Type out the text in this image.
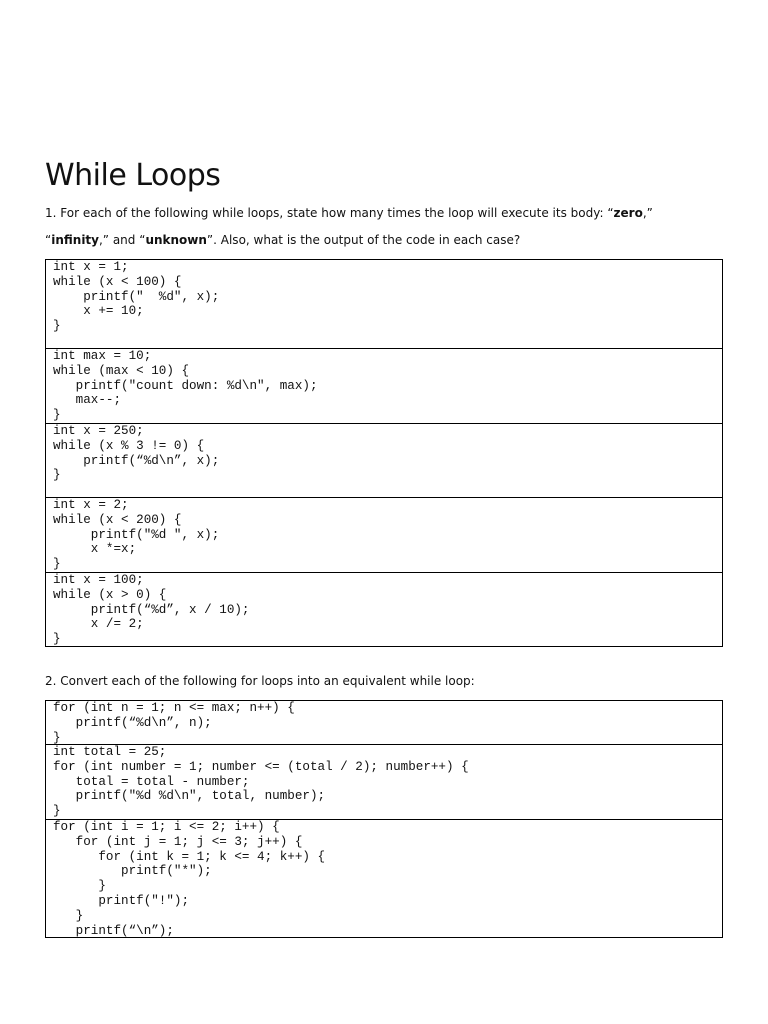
While Loops
1. For each of the following while loops, state how many times the loop will execute its body: “zero,”
“infinity,” and “unknown”. Also, what is the output of the code in each case?
int x = 1;
while (x < 100) {
printf("  %d", x);
x += 10;
}
int max = 10;
while (max < 10) {
printf("count down: %d\n", max);
max--;
}
int x = 250;
while (x % 3 != 0) {
printf(“%d\n”, x);
}
int x = 2;
while (x < 200) {
printf("%d ", x);
x *=x;
}
int x = 100;
while (x > 0) {
printf(“%d”, x / 10);
x /= 2;
}
2. Convert each of the following for loops into an equivalent while loop:
for (int n = 1; n <= max; n++) {
printf(“%d\n”, n);
}
int total = 25;
for (int number = 1; number <= (total / 2); number++) {
total = total - number;
printf("%d %d\n", total, number);
}
for (int i = 1; i <= 2; i++) {
for (int j = 1; j <= 3; j++) {
for (int k = 1; k <= 4; k++) {
printf("*");
}
printf("!");
}
printf(“\n”);
